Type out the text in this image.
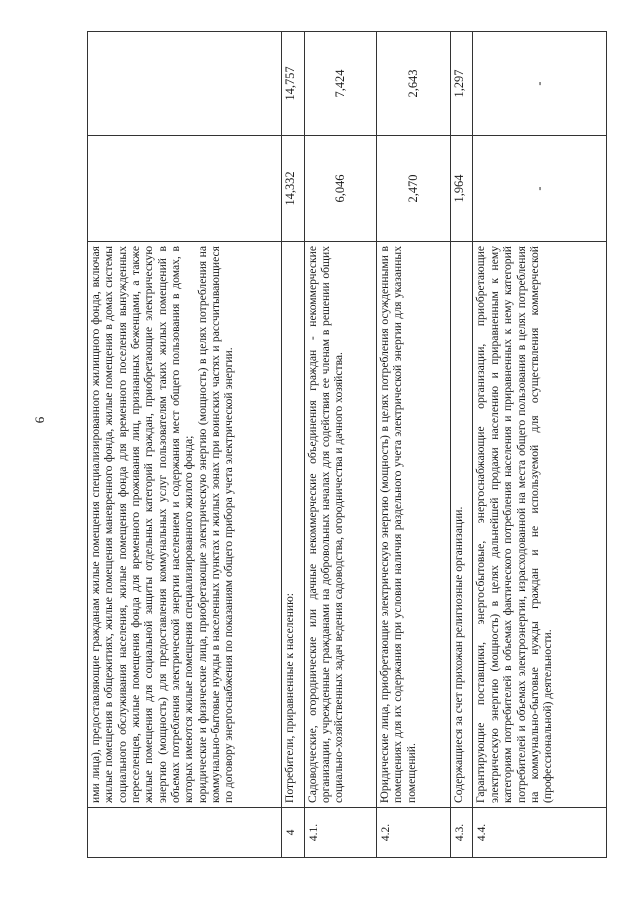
9
	ими лица), предоставляющие гражданам жилые помещения специализированного жилищного фонда, включая жилые помещения в общежитиях, жилые помещения маневренного фонда, жилые помещения в домах системы социального обслуживания населения, жилые помещения фонда для временного поселения вынужденных переселенцев, жилые помещения фонда для временного проживания лиц, признанных беженцами, а также жилые помещения для социальной защиты отдельных категорий граждан, приобретающие электрическую энергию (мощность) для предоставления коммунальных услуг пользователям таких жилых помещений в объемах потребления электрической энергии населением и содержания мест общего пользования в домах, в которых имеются жилые помещения специализированного жилого фонда;
юридические и физические лица, приобретающие электрическую энергию (мощность) в целях потребления на коммунально-бытовые нужды в населенных пунктах и жилых зонах при воинских частях и рассчитывающиеся по договору энергоснабжения по показаниям общего прибора учета электрической энергии.		
4	Потребители, приравненные к населению:	14,332	14,757
4.1.	Садоводческие, огороднические или дачные некоммерческие объединения граждан - некоммерческие организации, учрежденные гражданами на добровольных началах для содействия ее членам в решении общих социально-хозяйственных задач ведения садоводства, огородничества и дачного хозяйства.	6,046	7,424
4.2.	Юридические лица, приобретающие электрическую энергию (мощность) в целях потребления осужденными в помещениях для их содержания при условии наличия раздельного учета электрической энергии для указанных помещений.	2,470	2,643
4.3.	Содержащиеся за счет прихожан религиозные организации.	1,964	1,297
4.4.	Гарантирующие поставщики, энергосбытовые, энергоснабжающие организации, приобретающие электрическую энергию (мощность) в целях дальнейшей продажи населению и приравненным к нему категориям потребителей в объемах фактического потребления населения и приравненных к нему категорий потребителей и объемах электроэнергии, израсходованной на места общего пользования в целях потребления на коммунально-бытовые нужды граждан и не используемой для осуществления коммерческой (профессиональной) деятельности.	-	-
